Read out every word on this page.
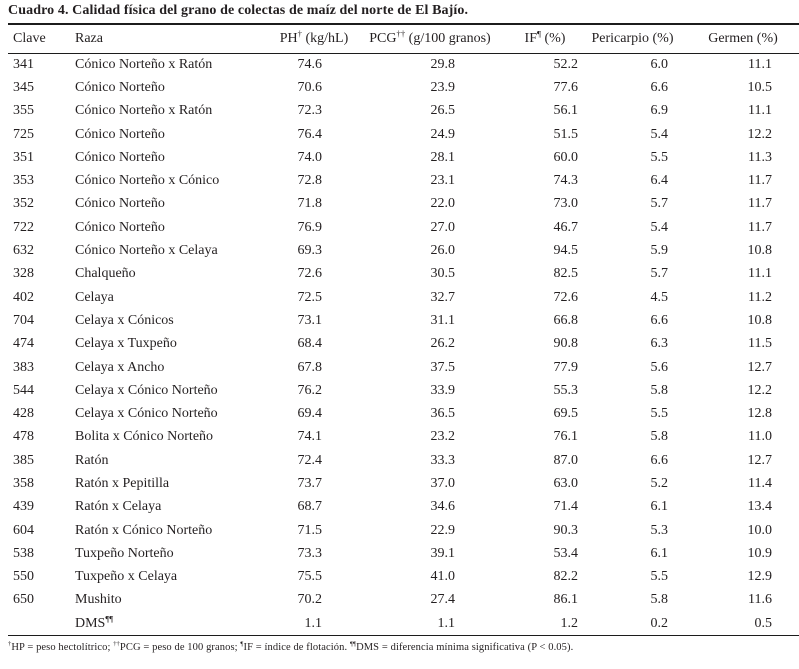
Cuadro 4. Calidad física del grano de colectas de maíz del norte de El Bajío.
Clave	Raza	PH† (kg/hL)	PCG†† (g/100 granos)	IF¶ (%)	Pericarpio (%)	Germen (%)
341	Cónico Norteño x Ratón	74.6	29.8	52.2	6.0	11.1
345	Cónico Norteño	70.6	23.9	77.6	6.6	10.5
355	Cónico Norteño x Ratón	72.3	26.5	56.1	6.9	11.1
725	Cónico Norteño	76.4	24.9	51.5	5.4	12.2
351	Cónico Norteño	74.0	28.1	60.0	5.5	11.3
353	Cónico Norteño x Cónico	72.8	23.1	74.3	6.4	11.7
352	Cónico Norteño	71.8	22.0	73.0	5.7	11.7
722	Cónico Norteño	76.9	27.0	46.7	5.4	11.7
632	Cónico Norteño x Celaya	69.3	26.0	94.5	5.9	10.8
328	Chalqueño	72.6	30.5	82.5	5.7	11.1
402	Celaya	72.5	32.7	72.6	4.5	11.2
704	Celaya x Cónicos	73.1	31.1	66.8	6.6	10.8
474	Celaya x Tuxpeño	68.4	26.2	90.8	6.3	11.5
383	Celaya x Ancho	67.8	37.5	77.9	5.6	12.7
544	Celaya x Cónico Norteño	76.2	33.9	55.3	5.8	12.2
428	Celaya x Cónico Norteño	69.4	36.5	69.5	5.5	12.8
478	Bolita x Cónico Norteño	74.1	23.2	76.1	5.8	11.0
385	Ratón	72.4	33.3	87.0	6.6	12.7
358	Ratón x Pepitilla	73.7	37.0	63.0	5.2	11.4
439	Ratón x Celaya	68.7	34.6	71.4	6.1	13.4
604	Ratón x Cónico Norteño	71.5	22.9	90.3	5.3	10.0
538	Tuxpeño Norteño	73.3	39.1	53.4	6.1	10.9
550	Tuxpeño x Celaya	75.5	41.0	82.2	5.5	12.9
650	Mushito	70.2	27.4	86.1	5.8	11.6
	DMS¶¶	1.1	1.1	1.2	0.2	0.5
†HP = peso hectolítrico; ††PCG = peso de 100 granos; ¶IF = índice de flotación. ¶¶DMS = diferencia mínima significativa (P < 0.05).
